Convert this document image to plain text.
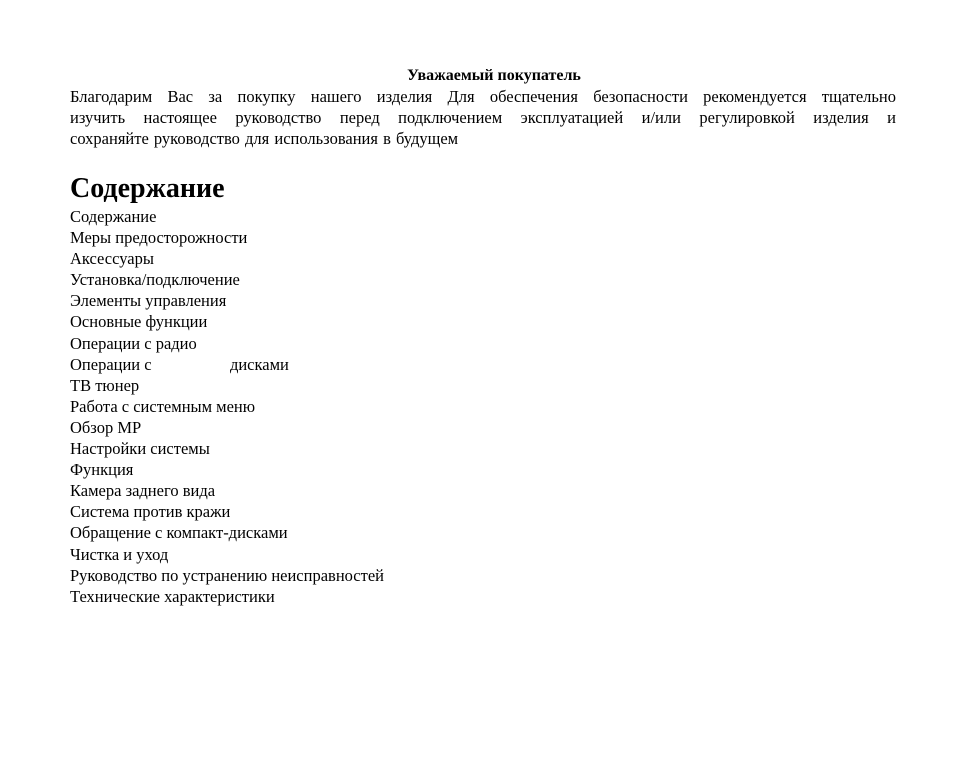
Уважаемый покупатель

Благодарим Вас за покупку нашего изделия Для обеспечения безопасности рекомендуется тщательно
изучить настоящее руководство перед подключением эксплуатацией и/или регулировкой изделия и
сохраняйте руководство для использования в будущем

Содержание
Содержание
Меры предосторожности
Аксессуары
Установка/подключение
Элементы управления
Основные функции
Операции с радио
Операции с                   дисками
ТВ тюнер
Работа с системным меню
Обзор МР
Настройки системы
Функция
Камера заднего вида
Система против кражи
Обращение с компакт-дисками
Чистка и уход
Руководство по устранению неисправностей
Технические характеристики
